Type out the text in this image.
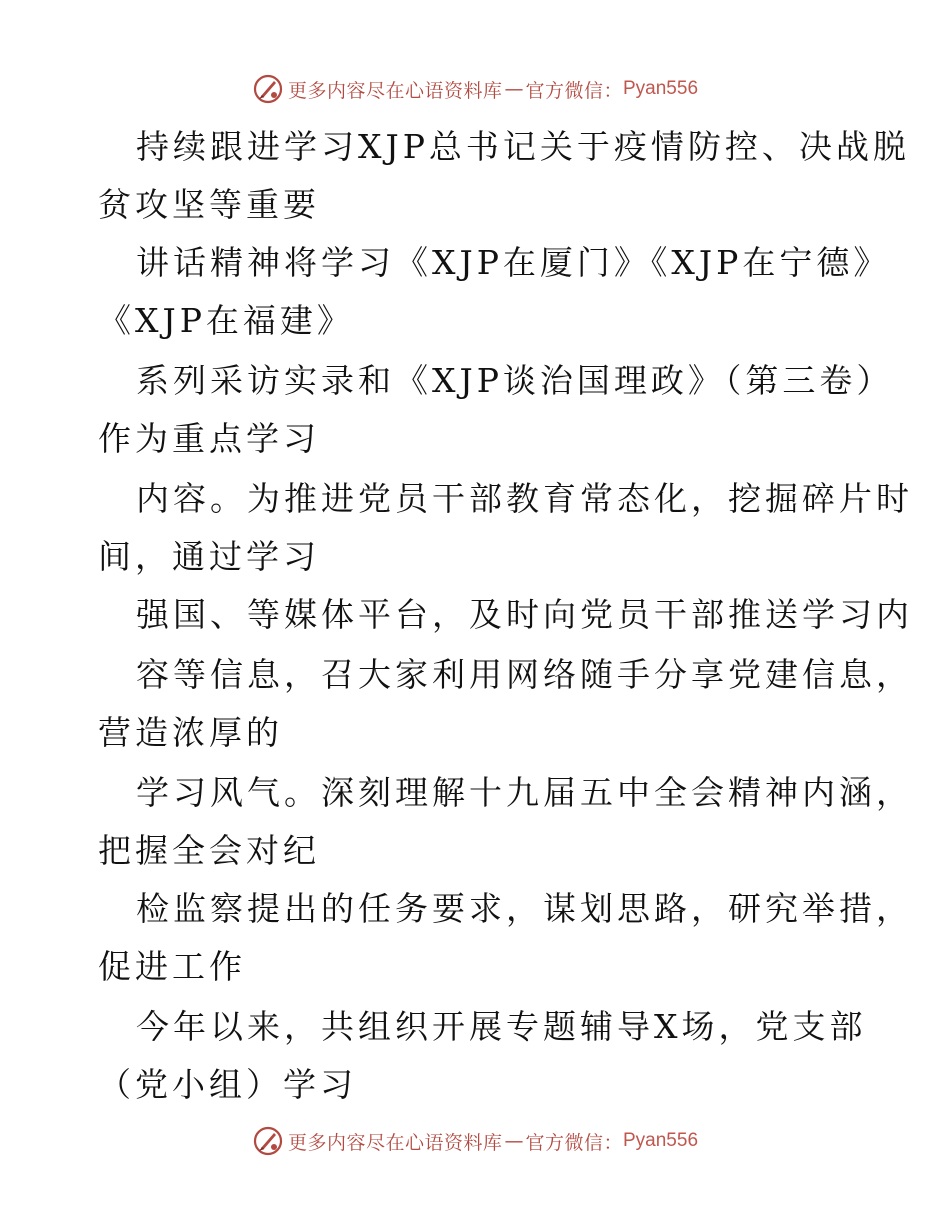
更多内容尽在心语资料库 — 官方微信： Pyan556
持续跟进学习XJP总书记关于疫情防控、决战脱
贫攻坚等重要
讲话精神将学习《XJP在厦门》《XJP在宁德》
《XJP在福建》
系列采访实录和《XJP谈治国理政》（第三卷）
作为重点学习
内容。为推进党员干部教育常态化，挖掘碎片时
间，通过学习
强国、等媒体平台，及时向党员干部推送学习内
容等信息，召大家利用网络随手分享党建信息，
营造浓厚的
学习风气。深刻理解十九届五中全会精神内涵，
把握全会对纪
检监察提出的任务要求，谋划思路，研究举措，
促进工作
今年以来，共组织开展专题辅导X场，党支部
（党小组）学习
更多内容尽在心语资料库 — 官方微信： Pyan556
